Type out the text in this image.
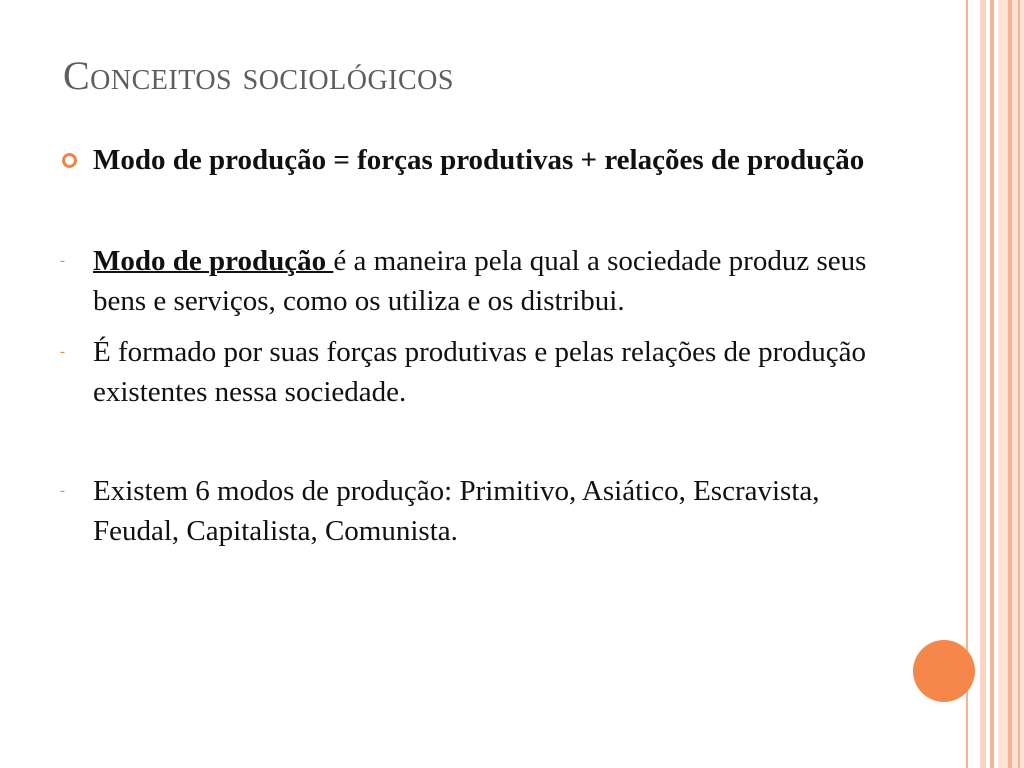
Conceitos sociológicos
Modo de produção = forças produtivas + relações de produção
- Modo de produção é a maneira pela qual a sociedade produz seus bens e serviços, como os utiliza e os distribui.
- É formado por suas forças produtivas e pelas relações de produção existentes nessa sociedade.
- Existem 6 modos de produção: Primitivo, Asiático, Escravista, Feudal, Capitalista, Comunista.
